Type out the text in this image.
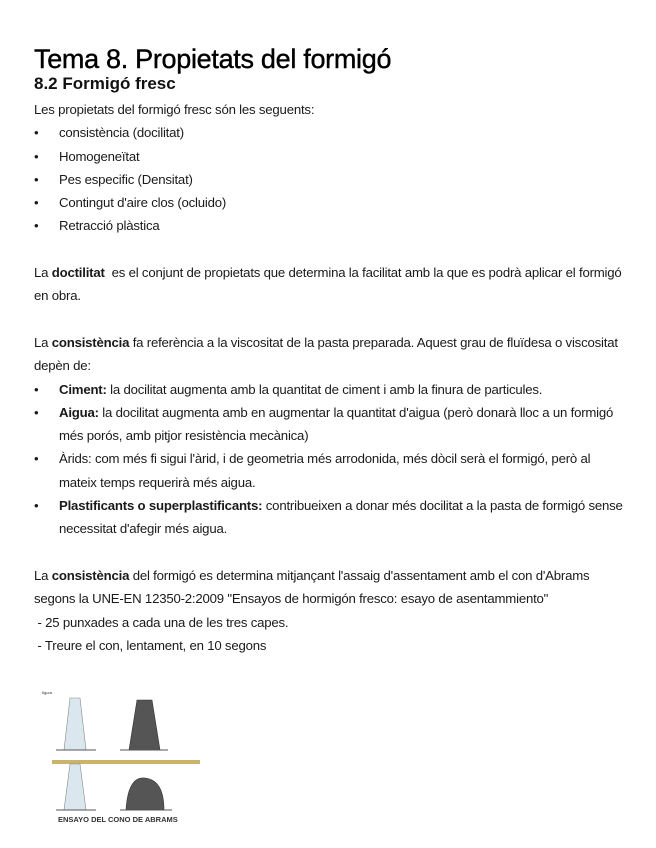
Tema 8. Propietats del formigó
8.2 Formigó fresc

Les propietats del formigó fresc són les seguents:

• consistència (docilitat)
• Homogeneïtat
• Pes especific (Densitat)
• Contingut d'aire clos (ocluido)
• Retracció plàstica

La doctilitat  es el conjunt de propietats que determina la facilitat amb la que es podrà aplicar el formigó en obra.

La consistència fa referència a la viscositat de la pasta preparada. Aquest grau de fluïdesa o viscositat depèn de:

• Ciment: la docilitat augmenta amb la quantitat de ciment i amb la finura de particules.
• Aigua: la docilitat augmenta amb en augmentar la quantitat d'aigua (però donarà lloc a un formigó més porós, amb pitjor resistència mecànica)
• Àrids: com més fi sigui l'àrid, i de geometria més arrodonida, més dòcil serà el formigó, però al mateix temps requerirà més aigua.
• Plastificants o superplastificants: contribueixen a donar més docilitat a la pasta de formigó sense necessitat d'afegir més aigua.

La consistència del formigó es determina mitjançant l'assaig d'assentament amb el con d'Abrams segons la UNE-EN 12350-2:2009 "Ensayos de hormigón fresco: esayo de asentammiento"

- 25 punxades a cada una de les tres capes.

- Treure el con, lentament, en 10 segons

figura
ENSAYO DEL CONO DE ABRAMS
